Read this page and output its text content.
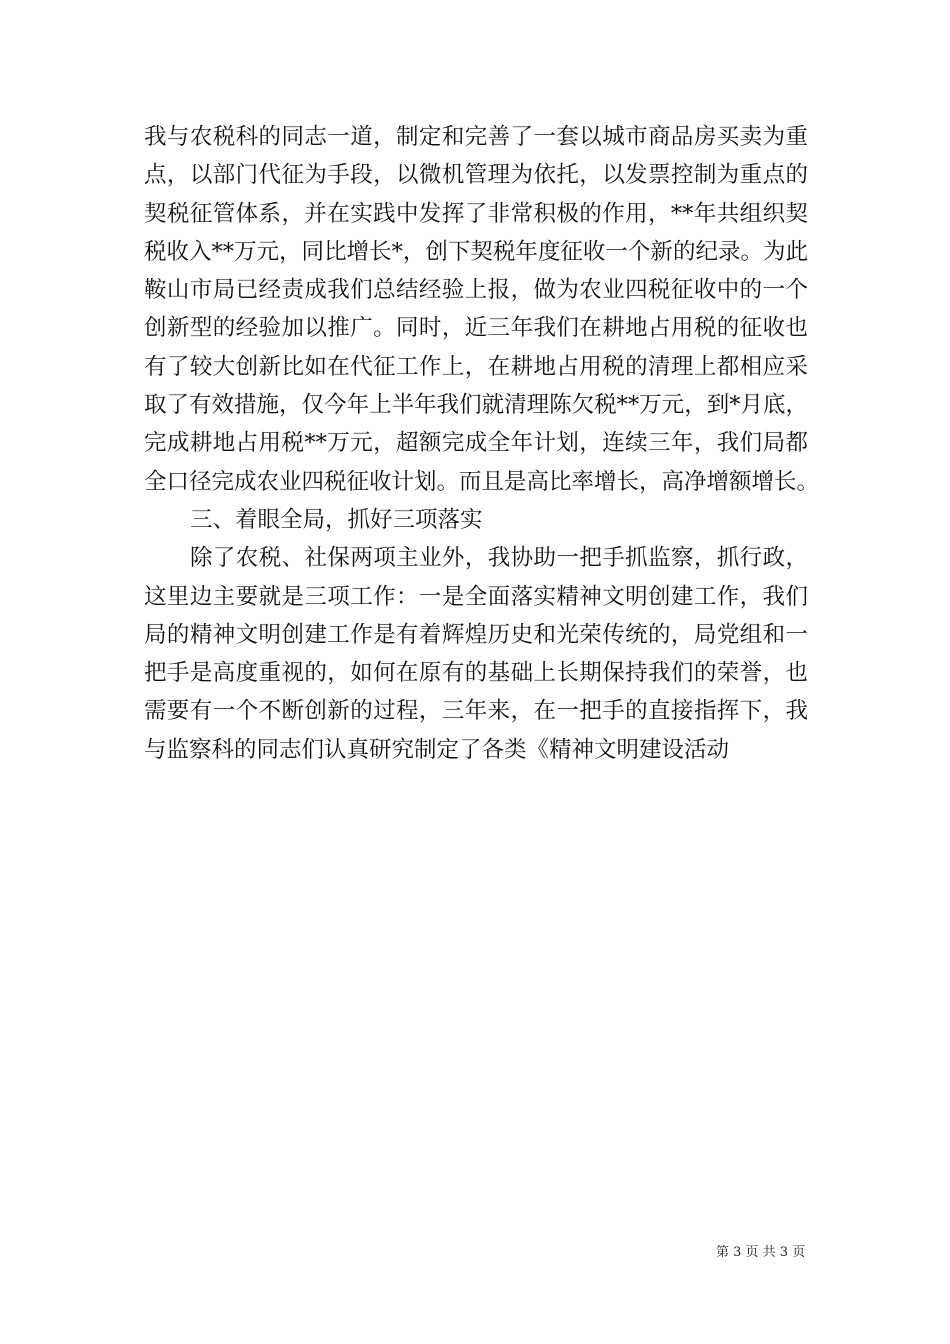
我与农税科的同志一道，制定和完善了一套以城市商品房买卖为重
点，以部门代征为手段，以微机管理为依托，以发票控制为重点的
契税征管体系，并在实践中发挥了非常积极的作用，**年共组织契
税收入**万元，同比增长*，创下契税年度征收一个新的纪录。为此
鞍山市局已经责成我们总结经验上报，做为农业四税征收中的一个
创新型的经验加以推广。同时，近三年我们在耕地占用税的征收也
有了较大创新比如在代征工作上，在耕地占用税的清理上都相应采
取了有效措施，仅今年上半年我们就清理陈欠税**万元，到*月底，
完成耕地占用税**万元，超额完成全年计划，连续三年，我们局都
全口径完成农业四税征收计划。而且是高比率增长，高净增额增长。
三、着眼全局，抓好三项落实
除了农税、社保两项主业外，我协助一把手抓监察，抓行政，
这里边主要就是三项工作：一是全面落实精神文明创建工作，我们
局的精神文明创建工作是有着辉煌历史和光荣传统的，局党组和一
把手是高度重视的，如何在原有的基础上长期保持我们的荣誉，也
需要有一个不断创新的过程，三年来，在一把手的直接指挥下，我
与监察科的同志们认真研究制定了各类《精神文明建设活动
第 3 页 共 3 页
